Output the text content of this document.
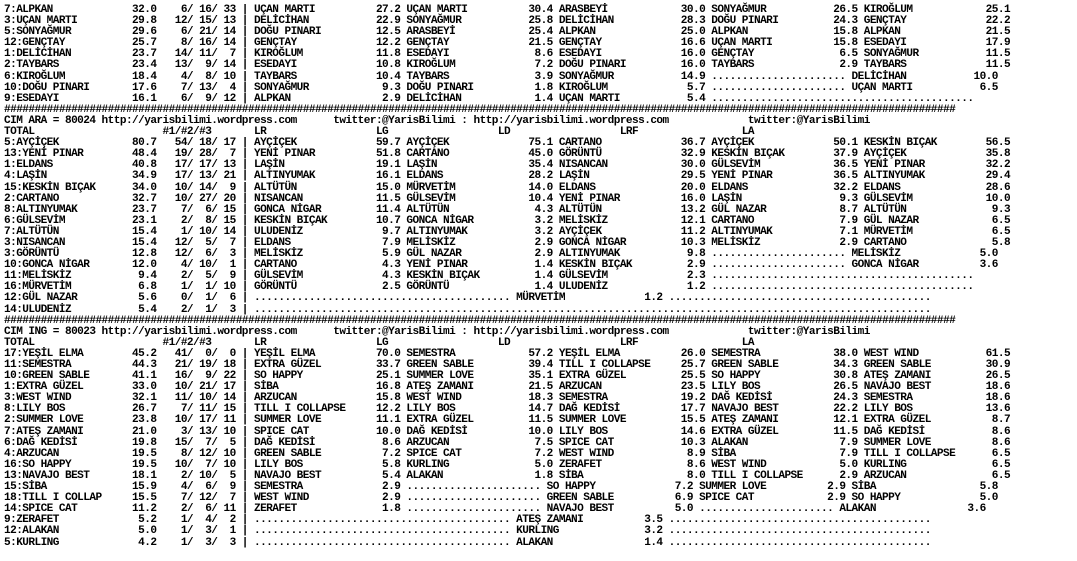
7:ALPKAN             32.0    6/ 16/ 33 | UÇAN MARTI          27.2 UÇAN MARTI          30.4 ARASBEYİ            30.0 SONYAĞMUR           26.5 KIROĞLUM            25.1
3:UÇAN MARTI         29.8   12/ 15/ 13 | DELİCİHAN           22.9 SONYAĞMUR           25.8 DELİCİHAN           28.3 DOĞU PINARI         24.3 GENÇTAY             22.2
5:SONYAĞMUR          29.6    6/ 21/ 14 | DOĞU PINARI         12.5 ARASBEYİ            25.4 ALPKAN              25.0 ALPKAN              15.8 ALPKAN              21.5
12:GENÇTAY           25.7    8/ 16/ 14 | GENÇTAY             12.2 GENÇTAY             21.5 GENÇTAY             16.6 UÇAN MARTI          15.8 ESEDAYI             17.9
1:DELİCİHAN          23.7   14/ 11/  7 | KIROĞLUM            11.8 ESEDAYI              8.6 ESEDAYI             16.0 GENÇTAY              6.5 SONYAĞMUR           11.5
2:TAYBARS            23.4   13/  9/ 14 | ESEDAYI             10.8 KIROĞLUM             7.2 DOĞU PINARI         16.0 TAYBARS              2.9 TAYBARS             11.5
6:KIROĞLUM           18.4    4/  8/ 10 | TAYBARS             10.4 TAYBARS              3.9 SONYAĞMUR           14.9 ...................... DELİCİHAN           10.0
10:DOĞU PINARI       17.6    7/ 13/  4 | SONYAĞMUR            9.3 DOĞU PINARI          1.8 KIROĞLUM             5.7 ...................... UÇAN MARTI           6.5
9:ESEDAYI            16.1    6/  9/ 12 | ALPKAN               2.9 DELİCİHAN            1.4 UÇAN MARTI           5.4 ...........................................
############################################################################################################################################################
CIM ARA = 80024 http://yarisbilimi.wordpress.com      twitter:@YarisBilimi : http://yarisbilimi.wordpress.com             twitter:@YarisBilimi
TOTAL                     #1/#2/#3       LR                  LG                  LD                  LRF                 LA
5:AYÇİÇEK            80.7   54/ 18/ 17 | AYÇİÇEK             59.7 AYÇİÇEK             75.1 CARTANO             36.7 AYÇİÇEK             50.1 KESKİN BIÇAK        56.5
13:YENİ PINAR        48.4   19/ 28/  7 | YENİ PINAR          51.8 CARTANO             45.0 GÖRÜNTÜ             32.9 KESKİN BIÇAK        37.9 AYÇİÇEK             35.8
1:ELDANS             40.8   17/ 17/ 13 | LAŞİN               19.1 LAŞİN               35.4 NISANCAN            30.0 GÜLSEVİM            36.5 YENİ PINAR          32.2
4:LAŞİN              34.9   17/ 13/ 21 | ALTINYUMAK          16.1 ELDANS              28.2 LAŞİN               29.5 YENİ PINAR          36.5 ALTINYUMAK          29.4
15:KESKİN BIÇAK      34.0   10/ 14/  9 | ALTÜTÜN             15.0 MÜRVETİM            14.0 ELDANS              20.0 ELDANS              32.2 ELDANS              28.6
2:CARTANO            32.7   10/ 27/ 20 | NISANCAN            11.5 GÜLSEVİM            10.4 YENİ PINAR          16.0 LAŞİN                9.3 GÜLSEVİM            10.0
8:ALTINYUMAK         23.7    7/  6/ 15 | GONCA NİGAR         11.4 ALTÜTÜN              4.3 ALTÜTÜN             13.2 GÜL NAZAR            8.7 ALTÜTÜN              9.3
6:GÜLSEVİM           23.1    2/  8/ 15 | KESKİN BIÇAK        10.7 GONCA NİGAR          3.2 MELİSKİZ            12.1 CARTANO              7.9 GÜL NAZAR            6.5
7:ALTÜTÜN            15.4    1/ 10/ 14 | ULUDENİZ             9.7 ALTINYUMAK           3.2 AYÇİÇEK             11.2 ALTINYUMAK           7.1 MÜRVETİM             6.5
3:NISANCAN           15.4   12/  5/  7 | ELDANS               7.9 MELİSKİZ             2.9 GONCA NİGAR         10.3 MELİSKİZ             2.9 CARTANO              5.8
3:GÖRÜNTÜ            12.8   12/  6/  3 | MELİSKİZ             5.9 GÜL NAZAR            2.9 ALTINYUMAK           9.8 ...................... MELİSKİZ             5.0
10:GONCA NİGAR       12.0    4/ 10/  1 | CARTANO              4.3 YENİ PINAR           1.4 KESKİN BIÇAK         2.9 ...................... GONCA NİGAR          3.6
11:MELİSKİZ           9.4    2/  5/  9 | GÜLSEVİM             4.3 KESKİN BIÇAK         1.4 GÜLSEVİM             2.3 ...........................................
16:MÜRVETİM           6.8    1/  1/ 10 | GÖRÜNTÜ              2.5 GÖRÜNTÜ              1.4 ULUDENİZ             1.2 ...........................................
12:GÜL NAZAR          5.6    0/  1/  6 | .......................................... MÜRVETİM             1.2 ...........................................
14:ULUDENİZ           5.4    2/  1/  3 | ...............................................................................................................
############################################################################################################################################################
CIM ING = 80023 http://yarisbilimi.wordpress.com      twitter:@YarisBilimi : http://yarisbilimi.wordpress.com             twitter:@YarisBilimi
TOTAL                     #1/#2/#3       LR                  LG                  LD                  LRF                 LA
17:YEŞİL ELMA        45.2   41/  0/  0 | YEŞİL ELMA          70.0 SEMESTRA            57.2 YEŞİL ELMA          26.0 SEMESTRA            38.0 WEST WIND           61.5
11:SEMESTRA          44.3   21/ 19/ 18 | EXTRA GÜZEL         33.7 GREEN SABLE         39.4 TILL I COLLAPSE     25.7 GREEN SABLE         34.3 GREEN SABLE         30.9
10:GREEN SABLE       41.1   16/  9/ 22 | SO HAPPY            25.1 SUMMER LOVE         35.1 EXTRA GÜZEL         25.5 SO HAPPY            30.8 ATEŞ ZAMANI         26.5
1:EXTRA GÜZEL        33.0   10/ 21/ 17 | SİBA                16.8 ATEŞ ZAMANI         21.5 ARZUCAN             23.5 LILY BOS            26.5 NAVAJO BEST         18.6
3:WEST WIND          32.1   11/ 10/ 14 | ARZUCAN             15.8 WEST WIND           18.3 SEMESTRA            19.2 DAĞ KEDİSİ          24.3 SEMESTRA            18.6
8:LILY BOS           26.7    7/ 11/ 15 | TILL I COLLAPSE     12.2 LILY BOS            14.7 DAĞ KEDİSİ          17.7 NAVAJO BEST         22.2 LILY BOS            13.6
2:SUMMER LOVE        23.8   10/ 17/ 11 | SUMMER LOVE         11.1 EXTRA GÜZEL         11.5 SUMMER LOVE         15.5 ATEŞ ZAMANI         12.1 EXTRA GÜZEL          8.7
7:ATEŞ ZAMANI        21.0    3/ 13/ 10 | SPICE CAT           10.0 DAĞ KEDİSİ          10.0 LILY BOS            14.6 EXTRA GÜZEL         11.5 DAĞ KEDİSİ           8.6
6:DAĞ KEDİSİ         19.8   15/  7/  5 | DAĞ KEDİSİ           8.6 ARZUCAN              7.5 SPICE CAT           10.3 ALAKAN               7.9 SUMMER LOVE          8.6
4:ARZUCAN            19.5    8/ 12/ 10 | GREEN SABLE          7.2 SPICE CAT            7.2 WEST WIND            8.9 SİBA                 7.9 TILL I COLLAPSE      6.5
16:SO HAPPY          19.5   10/  7/ 10 | LILY BOS             5.8 KURLING              5.0 ZERAFET              8.6 WEST WIND            5.0 KURLING              6.5
13:NAVAJO BEST       18.1    2/ 10/  5 | NAVAJO BEST          5.4 ALAKAN               1.8 SİBA                 8.0 TILL I COLLAPSE      2.9 ARZUCAN              6.5
15:SİBA              15.9    4/  6/  9 | SEMESTRA             2.9 ...................... SO HAPPY             7.2 SUMMER LOVE          2.9 SİBA                 5.8
18:TILL I COLLAP     15.5    7/ 12/  7 | WEST WIND            2.9 ...................... GREEN SABLE          6.9 SPICE CAT            2.9 SO HAPPY             5.0
14:SPICE CAT         11.2    2/  6/ 11 | ZERAFET              1.8 ...................... NAVAJO BEST          5.0 ...................... ALAKAN               3.6
9:ZERAFET             5.2    1/  4/  2 | .......................................... ATEŞ ZAMANI          3.5 ...........................................
12:ALAKAN             5.0    1/  3/  1 | .......................................... KURLING              3.2 ...........................................
5:KURLING             4.2    1/  3/  3 | .......................................... ALAKAN               1.4 ...........................................
